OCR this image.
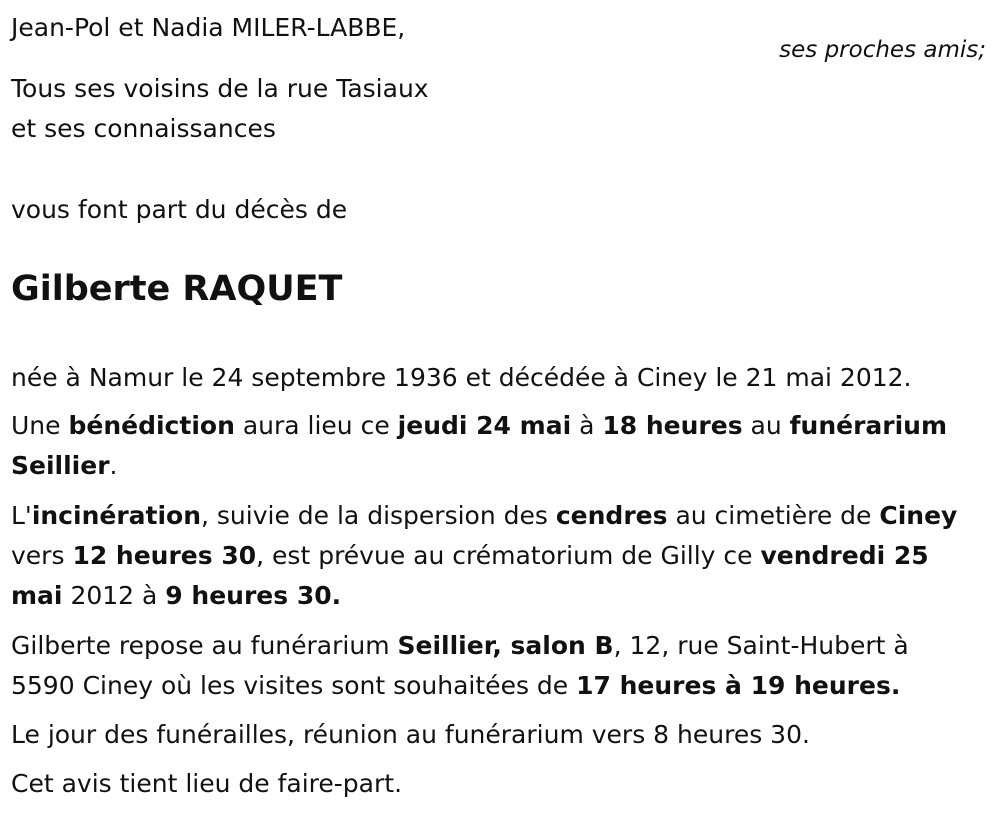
Jean-Pol et Nadia MILER-LABBE,
ses proches amis;
Tous ses voisins de la rue Tasiaux
et ses connaissances
vous font part du décès de
Gilberte RAQUET
née à Namur le 24 septembre 1936 et décédée à Ciney le 21 mai 2012.
Une bénédiction aura lieu ce jeudi 24 mai à 18 heures au funérarium
Seillier.
L'incinération, suivie de la dispersion des cendres au cimetière de Ciney
vers 12 heures 30, est prévue au crématorium de Gilly ce vendredi 25
mai 2012 à 9 heures 30.
Gilberte repose au funérarium Seillier, salon B, 12, rue Saint-Hubert à
5590 Ciney où les visites sont souhaitées de 17 heures à 19 heures.
Le jour des funérailles, réunion au funérarium vers 8 heures 30.
Cet avis tient lieu de faire-part.
